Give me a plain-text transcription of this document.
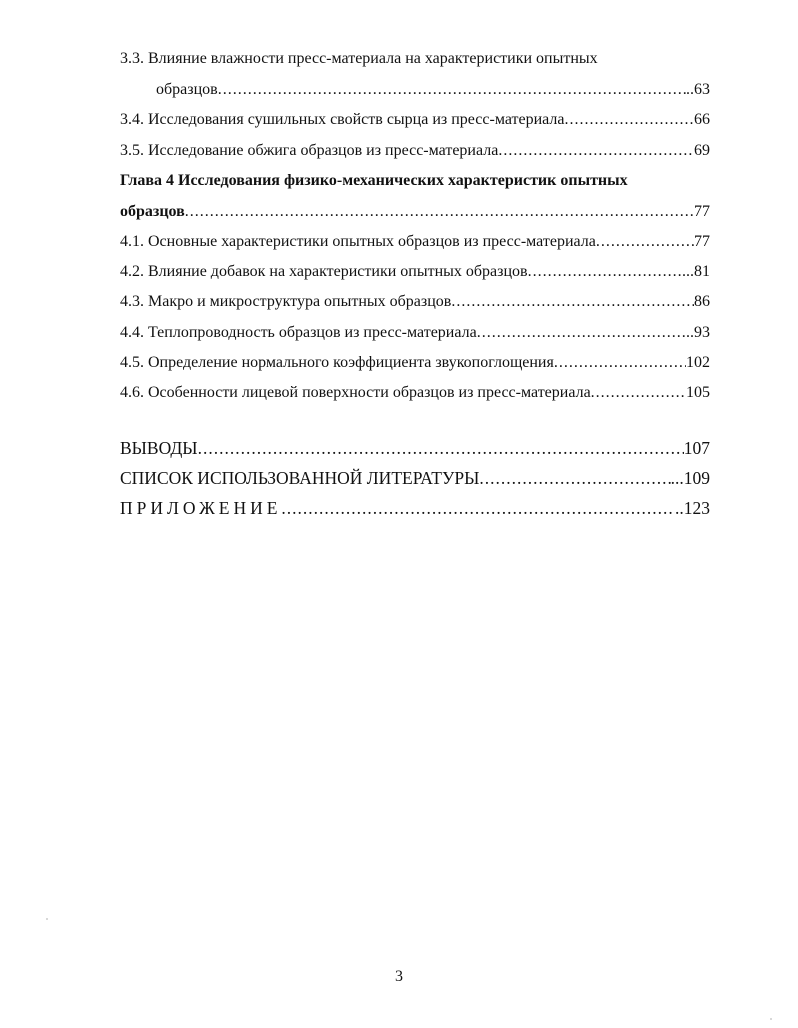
3.3. Влияние влажности пресс-материала на характеристики опытных
образцов .....	..63
3.4. Исследования сушильных свойств сырца из пресс-материала .....	66
3.5. Исследование обжига образцов из пресс-материала .....	69
Глава 4 Исследования физико-механических характеристик опытных
образцов .....	77
4.1. Основные характеристики опытных образцов из пресс-материала .....	77
4.2. Влияние добавок на характеристики опытных образцов .....	...81
4.3. Макро и микроструктура опытных образцов .....	86
4.4. Теплопроводность образцов из пресс-материала .....	..93
4.5. Определение нормального коэффициента звукопоглощения .....	102
4.6. Особенности лицевой поверхности образцов из пресс-материала .....	105
ВЫВОДЫ .....	107
СПИСОК ИСПОЛЬЗОВАННОЙ ЛИТЕРАТУРЫ .....	...109
ПРИЛОЖЕНИЕ .....	..123
3
